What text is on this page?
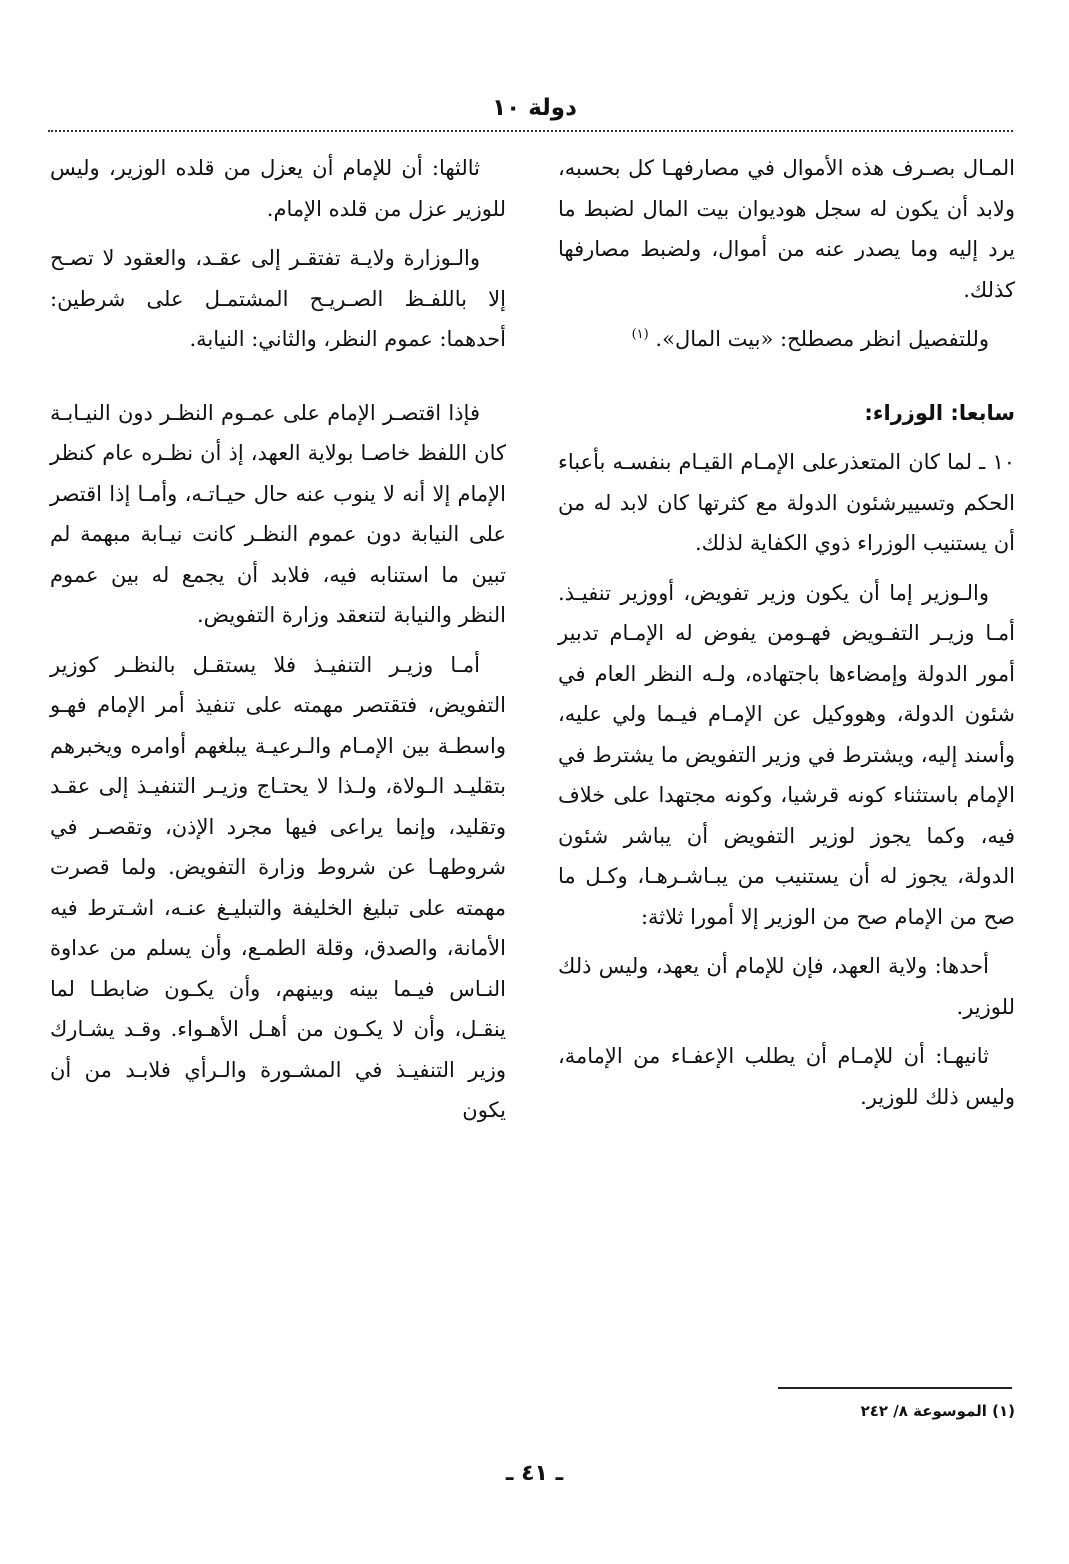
دولة ١٠

المـال بصـرف هذه الأموال في مصارفهـا كل بحسبه، ولابد أن يكون له سجل هوديوان بيت المال لضبط ما يرد إليه وما يصدر عنه من أموال، ولضبط مصارفها كذلك.

وللتفصيل انظر مصطلح: «بيت المال». $^{(١)}$

سابعا: الوزراء:

١٠ ـ لما كان المتعذرعلى الإمـام القيـام بنفسـه بأعباء الحكم وتسييرشئون الدولة مع كثرتها كان لابد له من أن يستنيب الوزراء ذوي الكفاية لذلك.

والـوزير إما أن يكون وزير تفويض، أووزير تنفيـذ. أمـا وزيـر التفـويض فهـومن يفوض له الإمـام تدبير أمور الدولة وإمضاءها باجتهاده، ولـه النظر العام في شئون الدولة، وهووكيل عن الإمـام فيـما ولي عليه، وأسند إليه، ويشترط في وزير التفويض ما يشترط في الإمام باستثناء كونه قرشيا، وكونه مجتهدا على خلاف فيه، وكما يجوز لوزير التفويض أن يباشر شئون الدولة، يجوز له أن يستنيب من يبـاشـرهـا، وكـل ما صح من الإمام صح من الوزير إلا أمورا ثلاثة:

أحدها: ولاية العهد، فإن للإمام أن يعهد، وليس ذلك للوزير.

ثانيهـا: أن للإمـام أن يطلب الإعفـاء من الإمامة، وليس ذلك للوزير.

ثالثها: أن للإمام أن يعزل من قلده الوزير، وليس للوزير عزل من قلده الإمام.

والـوزارة ولايـة تفتقـر إلى عقـد، والعقود لا تصـح إلا باللفـظ الصـريـح المشتمـل على شرطين: أحدهما: عموم النظر، والثاني: النيابة.

فإذا اقتصـر الإمام على عمـوم النظـر دون النيـابـة كان اللفظ خاصـا بولاية العهد، إذ أن نظـره عام كنظر الإمام إلا أنه لا ينوب عنه حال حيـاتـه، وأمـا إذا اقتصر على النيابة دون عموم النظـر كانت نيـابة مبهمة لم تبين ما استنابه فيه، فلابد أن يجمع له بين عموم النظر والنيابة لتنعقد وزارة التفويض.

أمـا وزيـر التنفيـذ فلا يستقـل بالنظـر كوزير التفويض، فتقتصر مهمته على تنفيذ أمر الإمام فهـو واسطـة بين الإمـام والـرعيـة يبلغهم أوامره ويخبرهم بتقليـد الـولاة، ولـذا لا يحتـاج وزيـر التنفيـذ إلى عقـد وتقليد، وإنما يراعى فيها مجرد الإذن، وتقصـر في شروطهـا عن شروط وزارة التفويض. ولما قصرت مهمته على تبليغ الخليفة والتبليـغ عنـه، اشـترط فيه الأمانة، والصدق، وقلة الطمـع، وأن يسلم من عداوة النـاس فيـما بينه وبينهم، وأن يكـون ضابطـا لما ينقـل، وأن لا يكـون من أهـل الأهـواء. وقـد يشـارك وزير التنفيـذ في المشـورة والـرأي فلابـد من أن يكون

(١) الموسوعة ٨/ ٢٤٢
ـ ٤١ ـ
